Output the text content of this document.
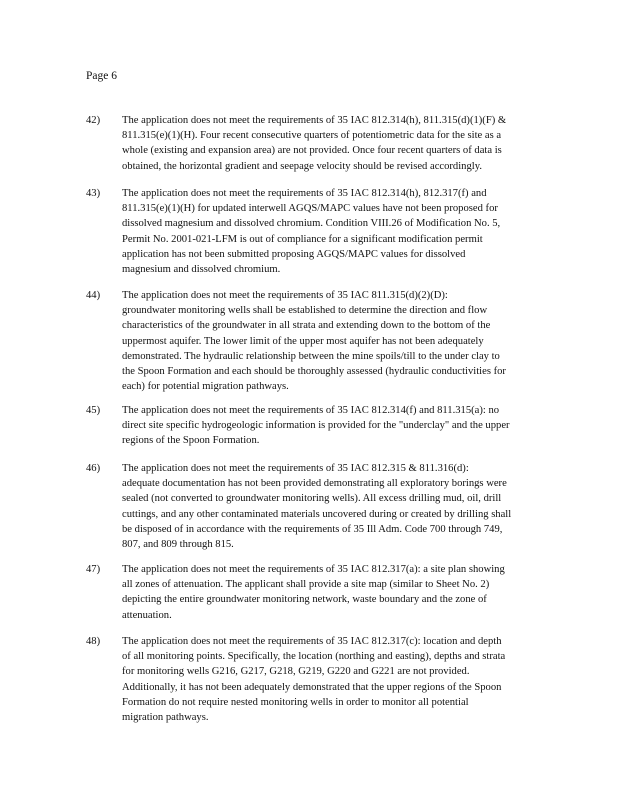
Page 6
42)	The application does not meet the requirements of 35 IAC 812.314(h), 811.315(d)(1)(F) &
811.315(e)(1)(H). Four recent consecutive quarters of potentiometric data for the site as a
whole (existing and expansion area) are not provided. Once four recent quarters of data is
obtained, the horizontal gradient and seepage velocity should be revised accordingly.
43)	The application does not meet the requirements of 35 IAC 812.314(h), 812.317(f) and
811.315(e)(1)(H) for updated interwell AGQS/MAPC values have not been proposed for
dissolved magnesium and dissolved chromium. Condition VIII.26 of Modification No. 5,
Permit No. 2001-021-LFM is out of compliance for a significant modification permit
application has not been submitted proposing AGQS/MAPC values for dissolved
magnesium and dissolved chromium.
44)	The application does not meet the requirements of 35 IAC 811.315(d)(2)(D):
groundwater monitoring wells shall be established to determine the direction and flow
characteristics of the groundwater in all strata and extending down to the bottom of the
uppermost aquifer. The lower limit of the upper most aquifer has not been adequately
demonstrated. The hydraulic relationship between the mine spoils/till to the under clay to
the Spoon Formation and each should be thoroughly assessed (hydraulic conductivities for
each) for potential migration pathways.
45)	The application does not meet the requirements of 35 IAC 812.314(f) and 811.315(a): no
direct site specific hydrogeologic information is provided for the "underclay" and the upper
regions of the Spoon Formation.
46)	The application does not meet the requirements of 35 IAC 812.315 & 811.316(d):
adequate documentation has not been provided demonstrating all exploratory borings were
sealed (not converted to groundwater monitoring wells). All excess drilling mud, oil, drill
cuttings, and any other contaminated materials uncovered during or created by drilling shall
be disposed of in accordance with the requirements of 35 Ill Adm. Code 700 through 749,
807, and 809 through 815.
47)	The application does not meet the requirements of 35 IAC 812.317(a): a site plan showing
all zones of attenuation. The applicant shall provide a site map (similar to Sheet No. 2)
depicting the entire groundwater monitoring network, waste boundary and the zone of
attenuation.
48)	The application does not meet the requirements of 35 IAC 812.317(c): location and depth
of all monitoring points. Specifically, the location (northing and easting), depths and strata
for monitoring wells G216, G217, G218, G219, G220 and G221 are not provided.
Additionally, it has not been adequately demonstrated that the upper regions of the Spoon
Formation do not require nested monitoring wells in order to monitor all potential
migration pathways.
